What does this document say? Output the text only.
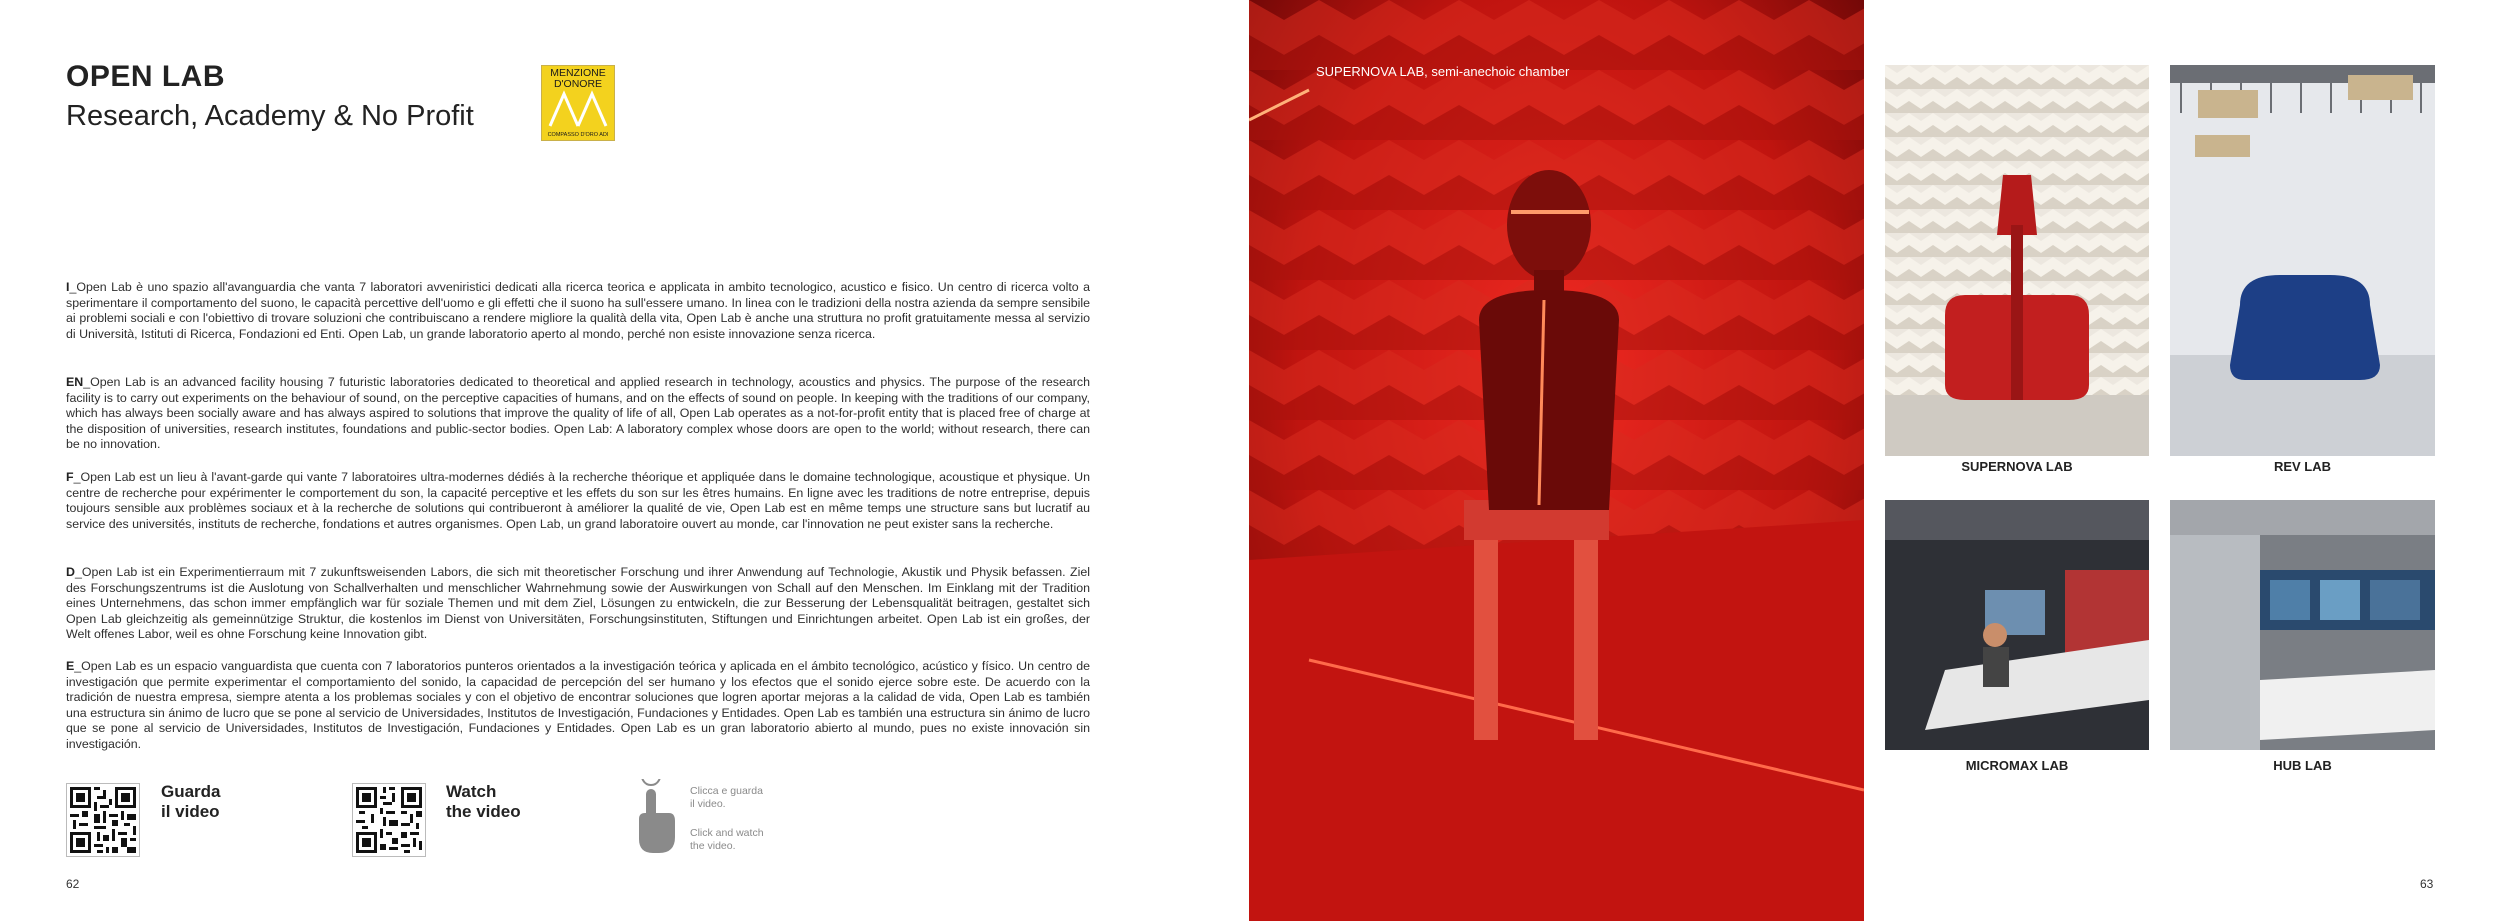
OPEN LAB
Research, Academy & No Profit
MENZIONE
D'ONORE
COMPASSO D'ORO ADI
I_Open Lab è uno spazio all'avanguardia che vanta 7 laboratori avveniristici dedicati alla ricerca teorica e applicata in ambito tecnologico, acustico e fisico. Un centro di ricerca volto a sperimentare il comportamento del suono, le capacità percettive dell'uomo e gli effetti che il suono ha sull'essere umano. In linea con le tradizioni della nostra azienda da sempre sensibile ai problemi sociali e con l'obiettivo di trovare soluzioni che contribuiscano a rendere migliore la qualità della vita, Open Lab è anche una struttura no profit gratuitamente messa al servizio di Università, Istituti di Ricerca, Fondazioni ed Enti. Open Lab, un grande laboratorio aperto al mondo, perché non esiste innovazione senza ricerca.
EN_Open Lab is an advanced facility housing 7 futuristic laboratories dedicated to theoretical and applied research in technology, acoustics and physics. The purpose of the research facility is to carry out experiments on the behaviour of sound, on the perceptive capacities of humans, and on the effects of sound on people. In keeping with the traditions of our company, which has always been socially aware and has always aspired to solutions that improve the quality of life of all, Open Lab operates as a not-for-profit entity that is placed free of charge at the disposition of universities, research institutes, foundations and public-sector bodies. Open Lab: A laboratory complex whose doors are open to the world; without research, there can be no innovation.
F_Open Lab est un lieu à l'avant-garde qui vante 7 laboratoires ultra-modernes dédiés à la recherche théorique et appliquée dans le domaine technologique, acoustique et physique. Un centre de recherche pour expérimenter le comportement du son, la capacité perceptive et les effets du son sur les êtres humains. En ligne avec les traditions de notre entreprise, depuis toujours sensible aux problèmes sociaux et à la recherche de solutions qui contribueront à améliorer la qualité de vie, Open Lab est en même temps une structure sans but lucratif au service des universités, instituts de recherche, fondations et autres organismes. Open Lab, un grand laboratoire ouvert au monde, car l'innovation ne peut exister sans la recherche.
D_Open Lab ist ein Experimentierraum mit 7 zukunftsweisenden Labors, die sich mit theoretischer Forschung und ihrer Anwendung auf Technologie, Akustik und Physik befassen. Ziel des Forschungszentrums ist die Auslotung von Schallverhalten und menschlicher Wahrnehmung sowie der Auswirkungen von Schall auf den Menschen. Im Einklang mit der Tradition eines Unternehmens, das schon immer empfänglich war für soziale Themen und mit dem Ziel, Lösungen zu entwickeln, die zur Besserung der Lebensqualität beitragen, gestaltet sich Open Lab gleichzeitig als gemeinnützige Struktur, die kostenlos im Dienst von Universitäten, Forschungsinstituten, Stiftungen und Einrichtungen arbeitet. Open Lab ist ein großes, der Welt offenes Labor, weil es ohne Forschung keine Innovation gibt.
E_Open Lab es un espacio vanguardista que cuenta con 7 laboratorios punteros orientados a la investigación teórica y aplicada en el ámbito tecnológico, acústico y físico. Un centro de investigación que permite experimentar el comportamiento del sonido, la capacidad de percepción del ser humano y los efectos que el sonido ejerce sobre este. De acuerdo con la tradición de nuestra empresa, siempre atenta a los problemas sociales y con el objetivo de encontrar soluciones que logren aportar mejoras a la calidad de vida, Open Lab es también una estructura sin ánimo de lucro que se pone al servicio de Universidades, Institutos de Investigación, Fundaciones y Entidades. Open Lab es también una estructura sin ánimo de lucro que se pone al servicio de Universidades, Institutos de Investigación, Fundaciones y Entidades. Open Lab es un gran laboratorio abierto al mundo, pues no existe innovación sin investigación.
Guarda
il video
Watch
the video
Clicca e guarda
il video.
Click and watch
the video.
62
SUPERNOVA LAB, semi-anechoic chamber
SUPERNOVA LAB	REV LAB
MICROMAX LAB	HUB LAB
63
